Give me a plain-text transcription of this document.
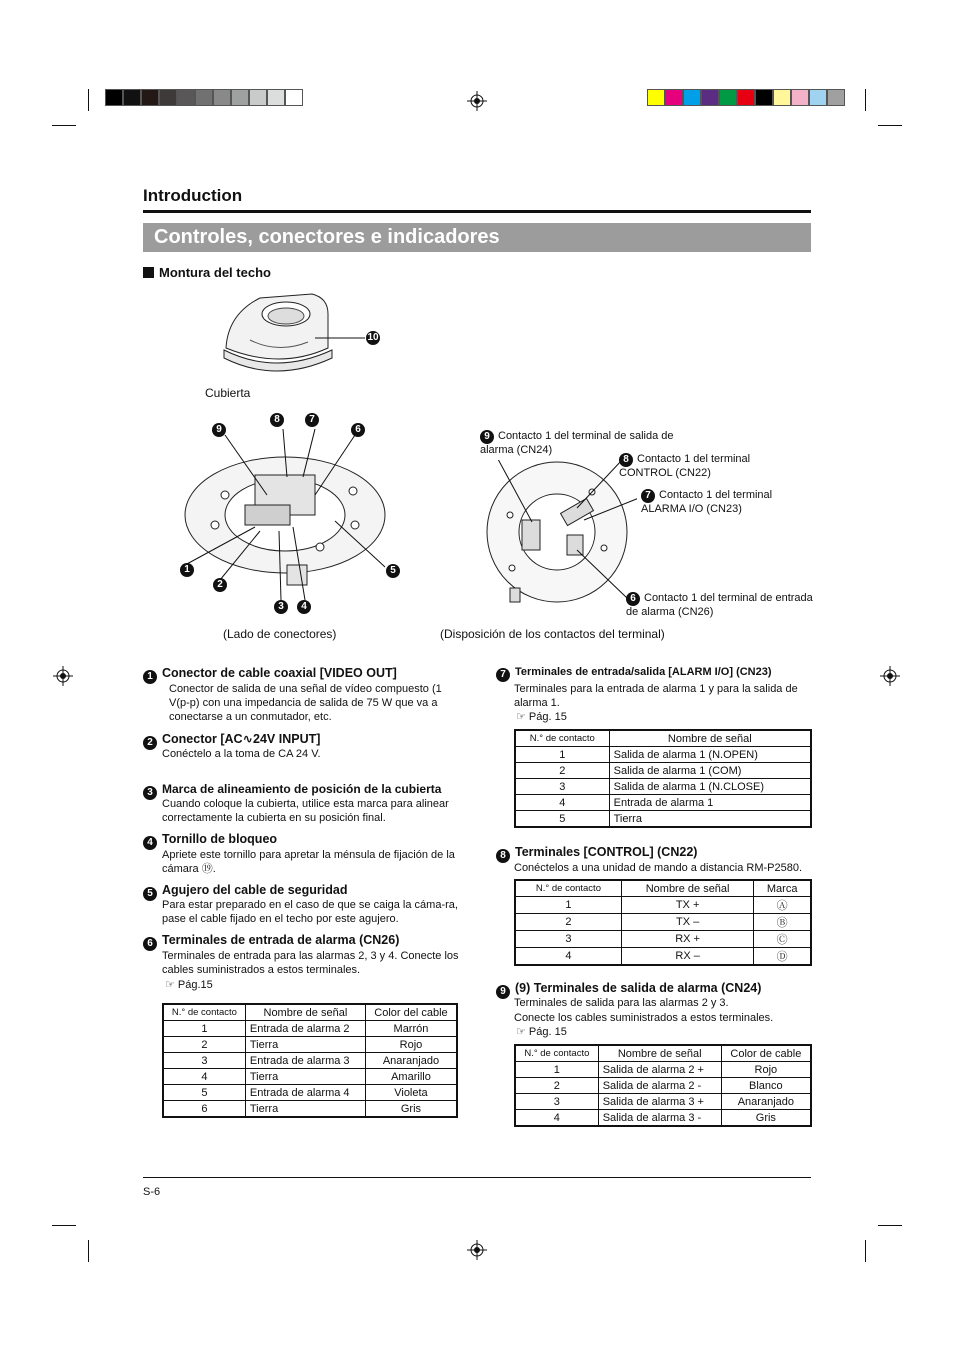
Introduction
Controles, conectores e indicadores
Montura del techo
10
Cubierta
9
8	7
6
1
2
3	4
5
(Lado de conectores)
9 Contacto 1 del terminal de salida de alarma (CN24)
8 Contacto 1 del terminal CONTROL (CN22)
7 Contacto 1 del terminal ALARMA I/O (CN23)
6 Contacto 1 del terminal de entrada de alarma (CN26)
(Disposición de los contactos del terminal)
1 Conector de cable coaxial [VIDEO OUT]
Conector de salida de una señal de vídeo compuesto (1 V(p-p) con una impedancia de salida de 75 W que va a conectarse a un conmutador, etc.
2 Conector [AC∿24V INPUT]
Conéctelo a la toma de CA 24 V.
3 Marca de alineamiento de posición de la cubierta
Cuando coloque la cubierta, utilice esta marca para alinear correctamente la cubierta en su posición final.
4 Tornillo de bloqueo
Apriete este tornillo para apretar la ménsula de fijación de la cámara ⑲.
5 Agujero del cable de seguridad
Para estar preparado en el caso de que se caiga la cáma-ra, pase el cable fijado en el techo por este agujero.
6 Terminales de entrada de alarma (CN26)
Terminales de entrada para las alarmas 2, 3 y 4. Conecte los cables suministrados a estos terminales.
☞ Pág.15
N.° de contacto	Nombre de señal	Color del cable
1	Entrada de alarma 2	Marrón
2	Tierra	Rojo
3	Entrada de alarma 3	Anaranjado
4	Tierra	Amarillo
5	Entrada de alarma 4	Violeta
6	Tierra	Gris
7 Terminales de entrada/salida [ALARM I/O] (CN23)
Terminales para la entrada de alarma 1 y para la salida de alarma 1.
☞ Pág. 15
N.° de contacto	Nombre de señal
1	Salida de alarma 1 (N.OPEN)
2	Salida de alarma 1 (COM)
3	Salida de alarma 1 (N.CLOSE)
4	Entrada de alarma 1
5	Tierra
8 Terminales [CONTROL] (CN22)
Conéctelos a una unidad de mando a distancia RM-P2580.
N.° de contacto	Nombre de señal	Marca
1	TX +	Ⓐ
2	TX –	Ⓑ
3	RX +	Ⓒ
4	RX –	Ⓓ
9 (9) Terminales de salida de alarma (CN24)
Terminales de salida para las alarmas 2 y 3.
Conecte los cables suministrados a estos terminales.
☞ Pág. 15
N.° de contacto	Nombre de señal	Color de cable
1	Salida de alarma 2 +	Rojo
2	Salida de alarma 2 -	Blanco
3	Salida de alarma 3 +	Anaranjado
4	Salida de alarma 3 -	Gris
S-6
